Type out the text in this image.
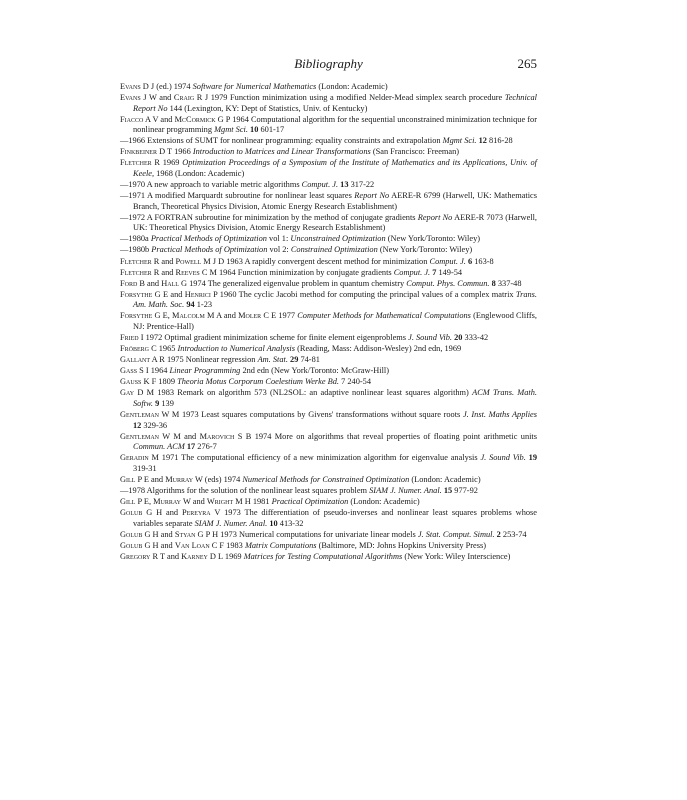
Bibliography	265

Evans D J (ed.) 1974 Software for Numerical Mathematics (London: Academic)

Evans J W and Craig R J 1979 Function minimization using a modified Nelder-Mead simplex search procedure Technical Report No 144 (Lexington, KY: Dept of Statistics, Univ. of Kentucky)

Fiacco A V and McCormick G P 1964 Computational algorithm for the sequential unconstrained minimization technique for nonlinear programming Mgmt Sci. 10 601-17

—1966 Extensions of SUMT for nonlinear programming: equality constraints and extrapolation Mgmt Sci. 12 816-28

Finkbeiner D T 1966 Introduction to Matrices and Linear Transformations (San Francisco: Freeman)

Fletcher R 1969 Optimization Proceedings of a Symposium of the Institute of Mathematics and its Applications, Univ. of Keele, 1968 (London: Academic)

—1970 A new approach to variable metric algorithms Comput. J. 13 317-22

—1971 A modified Marquardt subroutine for nonlinear least squares Report No AERE-R 6799 (Harwell, UK: Mathematics Branch, Theoretical Physics Division, Atomic Energy Research Establishment)

—1972 A FORTRAN subroutine for minimization by the method of conjugate gradients Report No AERE-R 7073 (Harwell, UK: Theoretical Physics Division, Atomic Energy Research Establishment)

—1980a Practical Methods of Optimization vol 1: Unconstrained Optimization (New York/Toronto: Wiley)

—1980b Practical Methods of Optimization vol 2: Constrained Optimization (New York/Toronto: Wiley)

Fletcher R and Powell M J D 1963 A rapidly convergent descent method for minimization Comput. J. 6 163-8

Fletcher R and Reeves C M 1964 Function minimization by conjugate gradients Comput. J. 7 149-54

Ford B and Hall G 1974 The generalized eigenvalue problem in quantum chemistry Comput. Phys. Commun. 8 337-48

Forsythe G E and Henrici P 1960 The cyclic Jacobi method for computing the principal values of a complex matrix Trans. Am. Math. Soc. 94 1-23

Forsythe G E, Malcolm M A and Moler C E 1977 Computer Methods for Mathematical Computations (Englewood Cliffs, NJ: Prentice-Hall)

Fried I 1972 Optimal gradient minimization scheme for finite element eigenproblems J. Sound Vib. 20 333-42

Fröberg C 1965 Introduction to Numerical Analysis (Reading, Mass: Addison-Wesley) 2nd edn, 1969

Gallant A R 1975 Nonlinear regression Am. Stat. 29 74-81

Gass S I 1964 Linear Programming 2nd edn (New York/Toronto: McGraw-Hill)

Gauss K F 1809 Theoria Motus Corporum Coelestium Werke Bd. 7 240-54

Gay D M 1983 Remark on algorithm 573 (NL2SOL: an adaptive nonlinear least squares algorithm) ACM Trans. Math. Softw. 9 139

Gentleman W M 1973 Least squares computations by Givens' transformations without square roots J. Inst. Maths Applies 12 329-36

Gentleman W M and Marovich S B 1974 More on algorithms that reveal properties of floating point arithmetic units Commun. ACM 17 276-7

Geradin M 1971 The computational efficiency of a new minimization algorithm for eigenvalue analysis J. Sound Vib. 19 319-31

Gill P E and Murray W (eds) 1974 Numerical Methods for Constrained Optimization (London: Academic)

—1978 Algorithms for the solution of the nonlinear least squares problem SIAM J. Numer. Anal. 15 977-92

Gill P E, Murray W and Wright M H 1981 Practical Optimization (London: Academic)

Golub G H and Pereyra V 1973 The differentiation of pseudo-inverses and nonlinear least squares problems whose variables separate SIAM J. Numer. Anal. 10 413-32

Golub G H and Styan G P H 1973 Numerical computations for univariate linear models J. Stat. Comput. Simul. 2 253-74

Golub G H and Van Loan C F 1983 Matrix Computations (Baltimore, MD: Johns Hopkins University Press)

Gregory R T and Karney D L 1969 Matrices for Testing Computational Algorithms (New York: Wiley Interscience)
